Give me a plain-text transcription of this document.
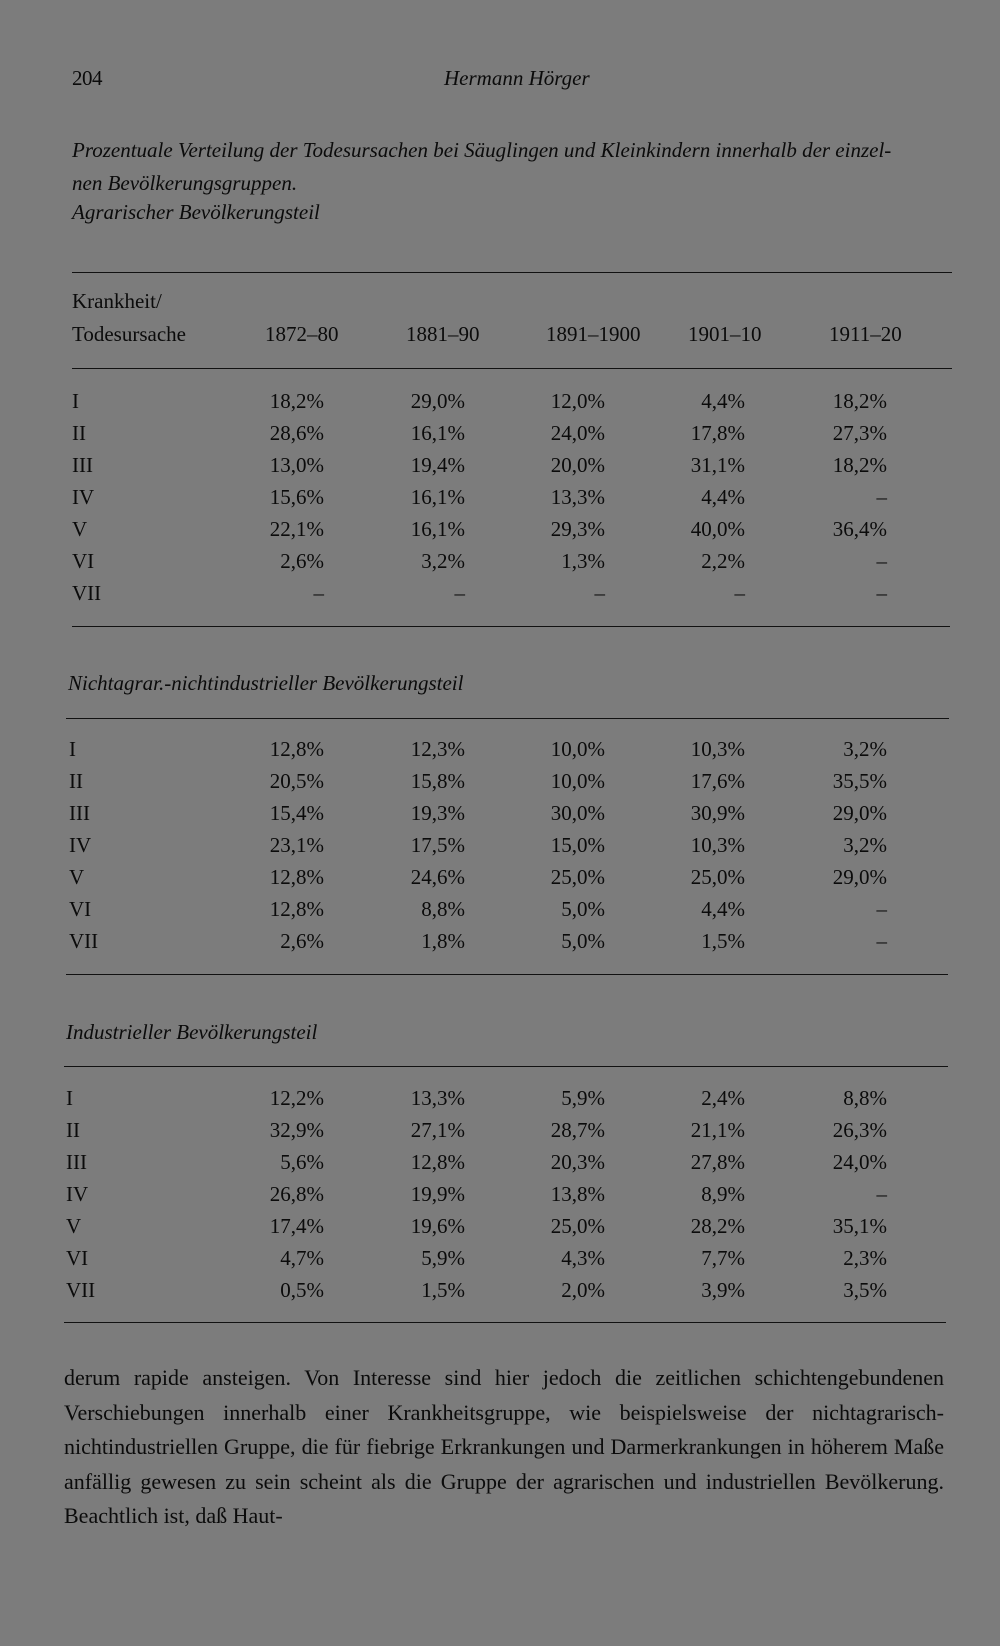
204	Hermann Hörger
Prozentuale Verteilung der Todesursachen bei Säuglingen und Kleinkindern innerhalb der einzel-
nen Bevölkerungsgruppen.
Agrarischer Bevölkerungsteil
Krankheit/
Todesursache	1872–80	1881–90	1891–1900 1901–10	1911–20
I	18,2%	29,0%	12,0%	4,4%	18,2%
II	28,6%	16,1%	24,0%	17,8%	27,3%
III	13,0%	19,4%	20,0%	31,1%	18,2%
IV	15,6%	16,1%	13,3%	4,4%	–
V	22,1%	16,1%	29,3%	40,0%	36,4%
VI	2,6%	3,2%	1,3%	2,2%	–
VII	–	–	–	–	–
Nichtagrar.-nichtindustrieller Bevölkerungsteil
I	12,8%	12,3%	10,0%	10,3%	3,2%
II	20,5%	15,8%	10,0%	17,6%	35,5%
III	15,4%	19,3%	30,0%	30,9%	29,0%
IV	23,1%	17,5%	15,0%	10,3%	3,2%
V	12,8%	24,6%	25,0%	25,0%	29,0%
VI	12,8%	8,8%	5,0%	4,4%	–
VII	2,6%	1,8%	5,0%	1,5%	–
Industrieller Bevölkerungsteil
I	12,2%	13,3%	5,9%	2,4%	8,8%
II	32,9%	27,1%	28,7%	21,1%	26,3%
III	5,6%	12,8%	20,3%	27,8%	24,0%
IV	26,8%	19,9%	13,8%	8,9%	–
V	17,4%	19,6%	25,0%	28,2%	35,1%
VI	4,7%	5,9%	4,3%	7,7%	2,3%
VII	0,5%	1,5%	2,0%	3,9%	3,5%
derum rapide ansteigen. Von Interesse sind hier jedoch die zeitlichen schichtengebundenen Verschiebungen innerhalb einer Krankheitsgruppe, wie beispielsweise der nichtagrarisch-nichtindustriellen Gruppe, die für fiebrige Erkrankungen und Darmerkrankungen in höherem Maße anfällig gewesen zu sein scheint als die Gruppe der agrarischen und industriellen Bevölkerung. Beachtlich ist, daß Haut-
